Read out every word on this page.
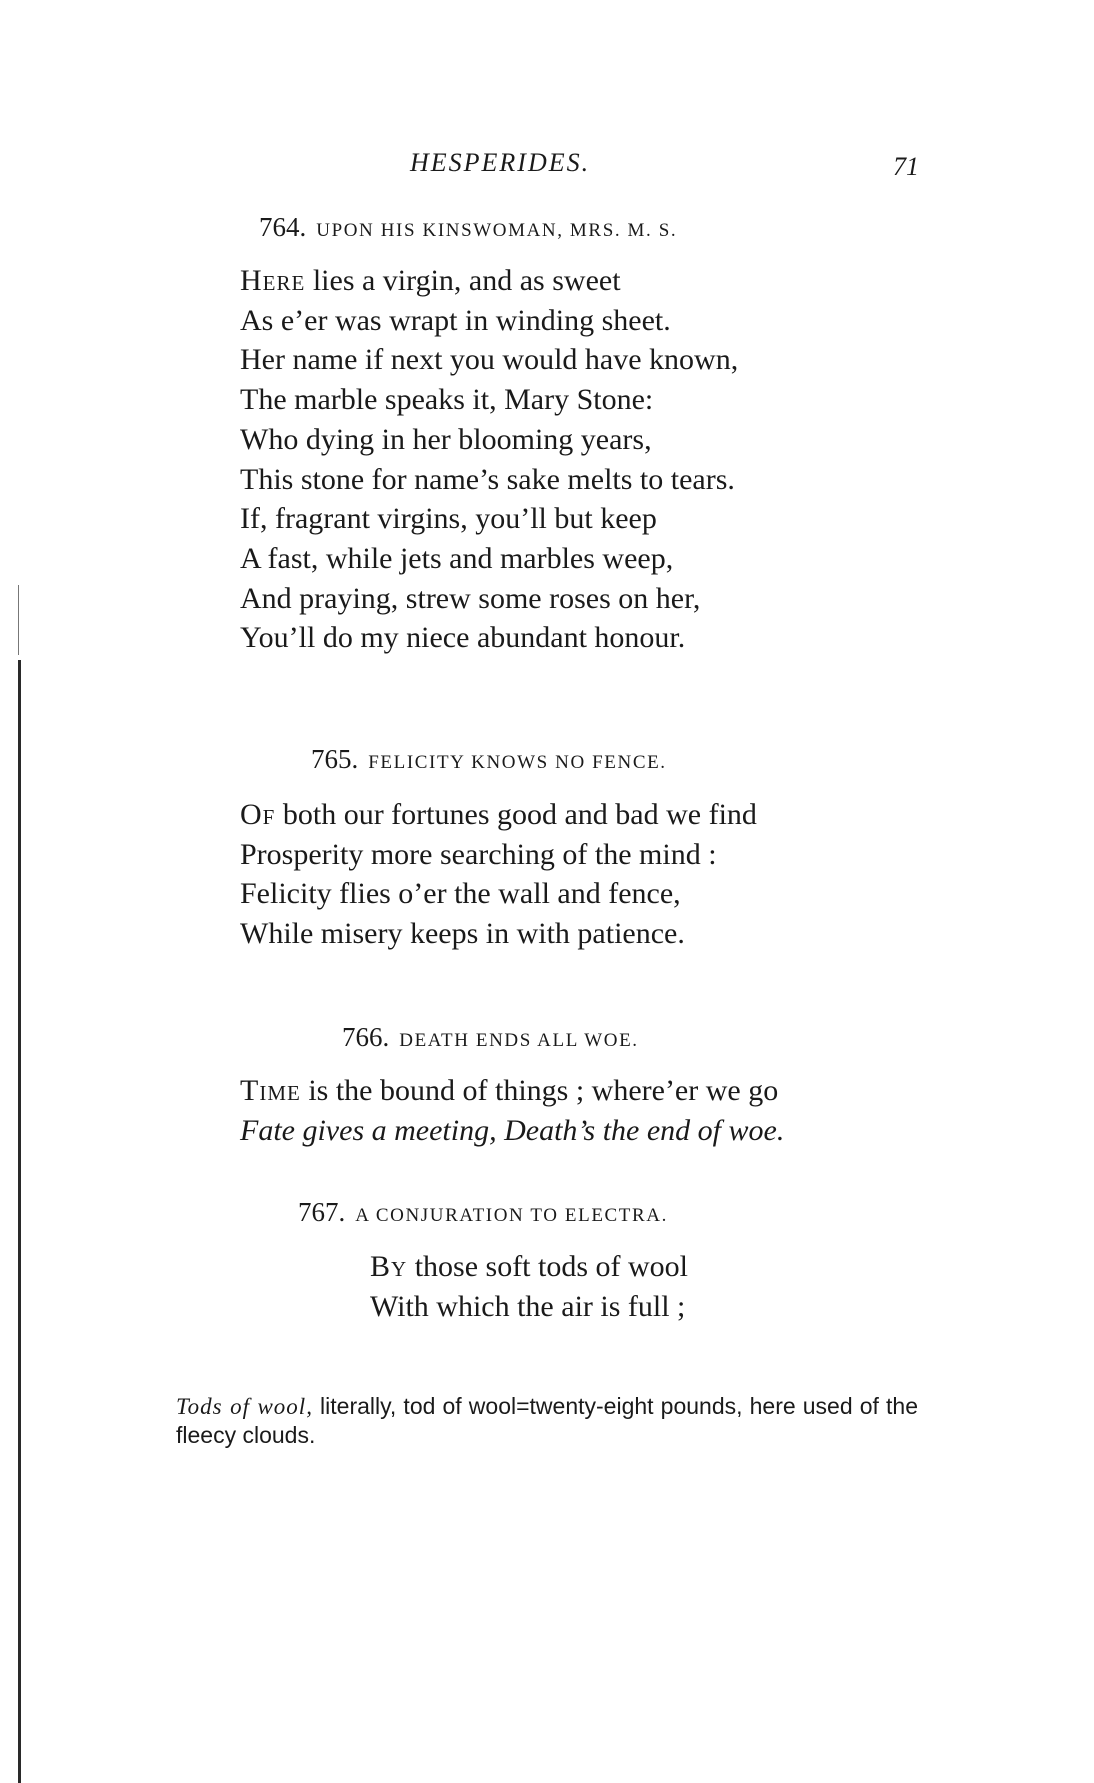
HESPERIDES.	71
764. UPON HIS KINSWOMAN, MRS. M. S.
Here lies a virgin, and as sweet
As e’er was wrapt in winding sheet.
Her name if next you would have known,
The marble speaks it, Mary Stone:
Who dying in her blooming years,
This stone for name’s sake melts to tears.
If, fragrant virgins, you’ll but keep
A fast, while jets and marbles weep,
And praying, strew some roses on her,
You’ll do my niece abundant honour.
765. FELICITY KNOWS NO FENCE.
Of both our fortunes good and bad we find
Prosperity more searching of the mind :
Felicity flies o’er the wall and fence,
While misery keeps in with patience.
766. DEATH ENDS ALL WOE.
Time is the bound of things ; where’er we go
Fate gives a meeting, Death’s the end of woe.
767. A CONJURATION TO ELECTRA.
By those soft tods of wool
With which the air is full ;
Tods of wool, literally, tod of wool=twenty-eight pounds, here used of the fleecy clouds.
